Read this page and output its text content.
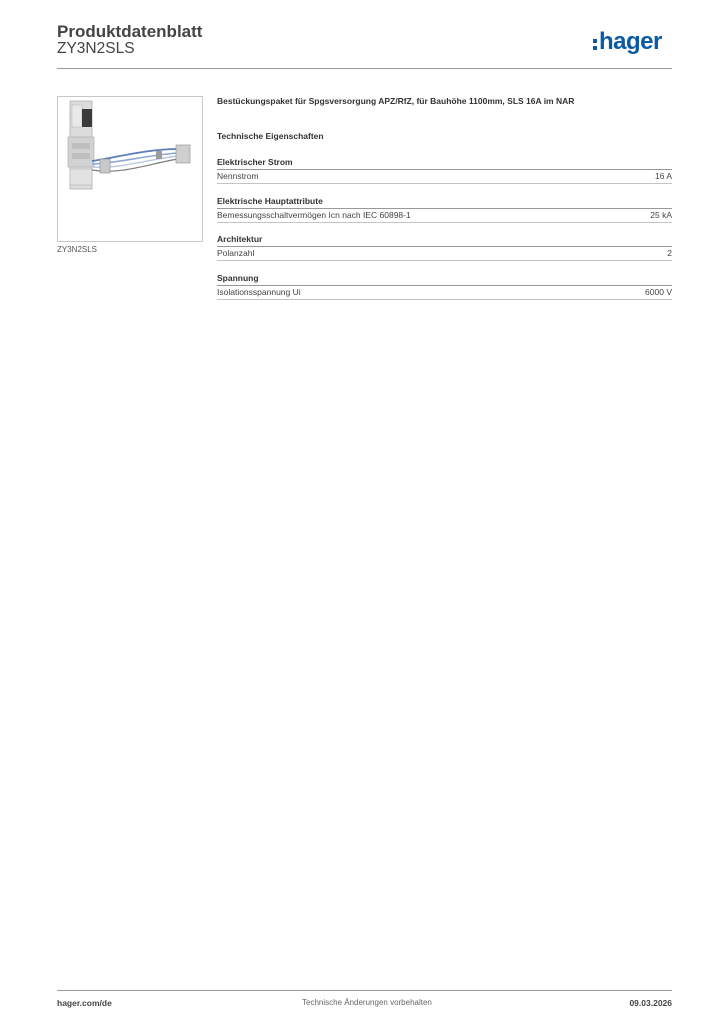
Produktdatenblatt
ZY3N2SLS	hager
ZY3N2SLS
Bestückungspaket für Spgsversorgung APZ/RfZ, für Bauhöhe 1100mm, SLS 16A im NAR
Technische Eigenschaften
Elektrischer Strom
Nennstrom	16 A
Elektrische Hauptattribute
Bemessungsschaltvermögen Icn nach IEC 60898-1	25 kA
Architektur
Polanzahl	2
Spannung
Isolationsspannung Ui	6000 V
hager.com/de	Technische Änderungen vorbehalten	09.03.2026
